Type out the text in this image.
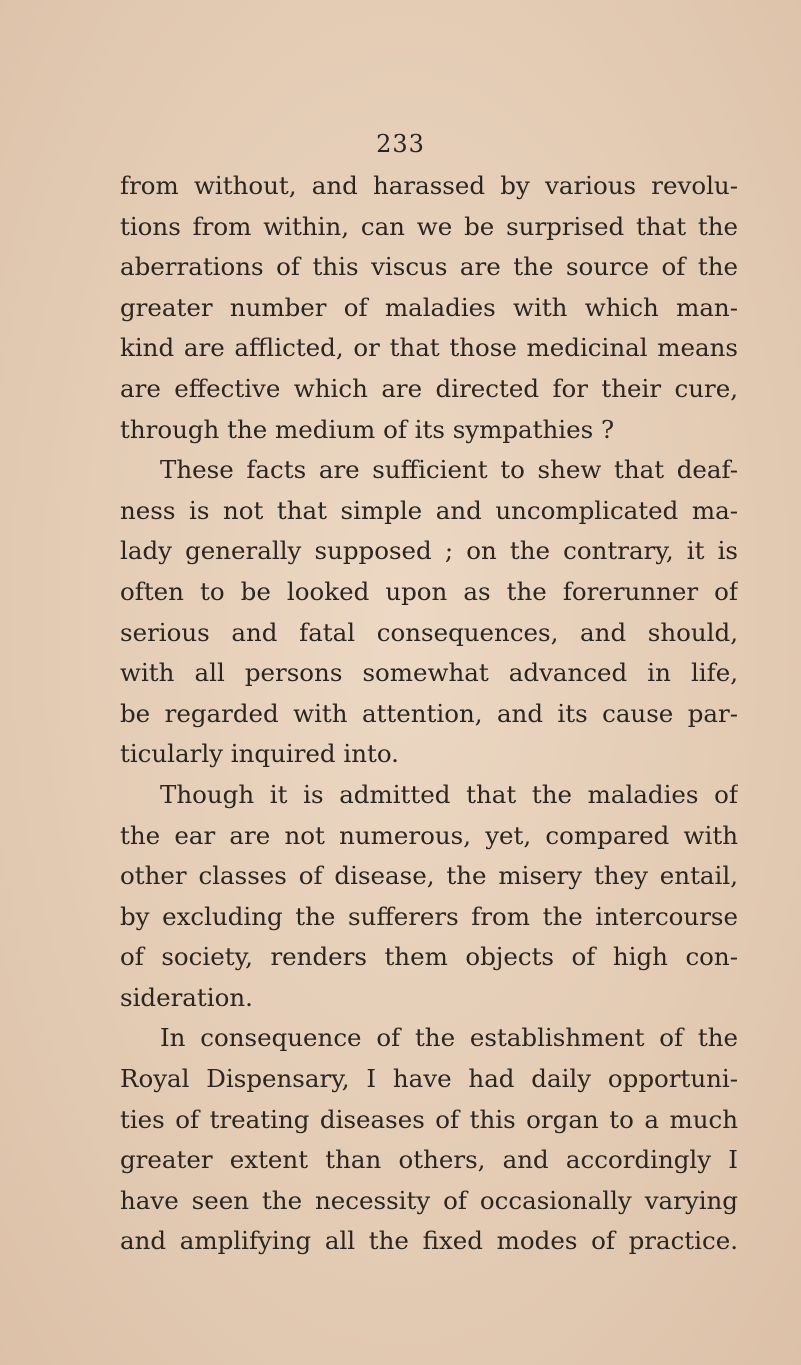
233
from without, and harassed by various revolu-
tions from within, can we be surprised that the
aberrations of this viscus are the source of the
greater number of maladies with which man-
kind are afflicted, or that those medicinal means
are effective which are directed for their cure,
through the medium of its sympathies ?
These facts are sufficient to shew that deaf-
ness is not that simple and uncomplicated ma-
lady generally supposed ; on the contrary, it is
often to be looked upon as the forerunner of
serious and fatal consequences, and should,
with all persons somewhat advanced in life,
be regarded with attention, and its cause par-
ticularly inquired into.
Though it is admitted that the maladies of
the ear are not numerous, yet, compared with
other classes of disease, the misery they entail,
by excluding the sufferers from the intercourse
of society, renders them objects of high con-
sideration.
In consequence of the establishment of the
Royal Dispensary, I have had daily opportuni-
ties of treating diseases of this organ to a much
greater extent than others, and accordingly I
have seen the necessity of occasionally varying
and amplifying all the fixed modes of practice.
